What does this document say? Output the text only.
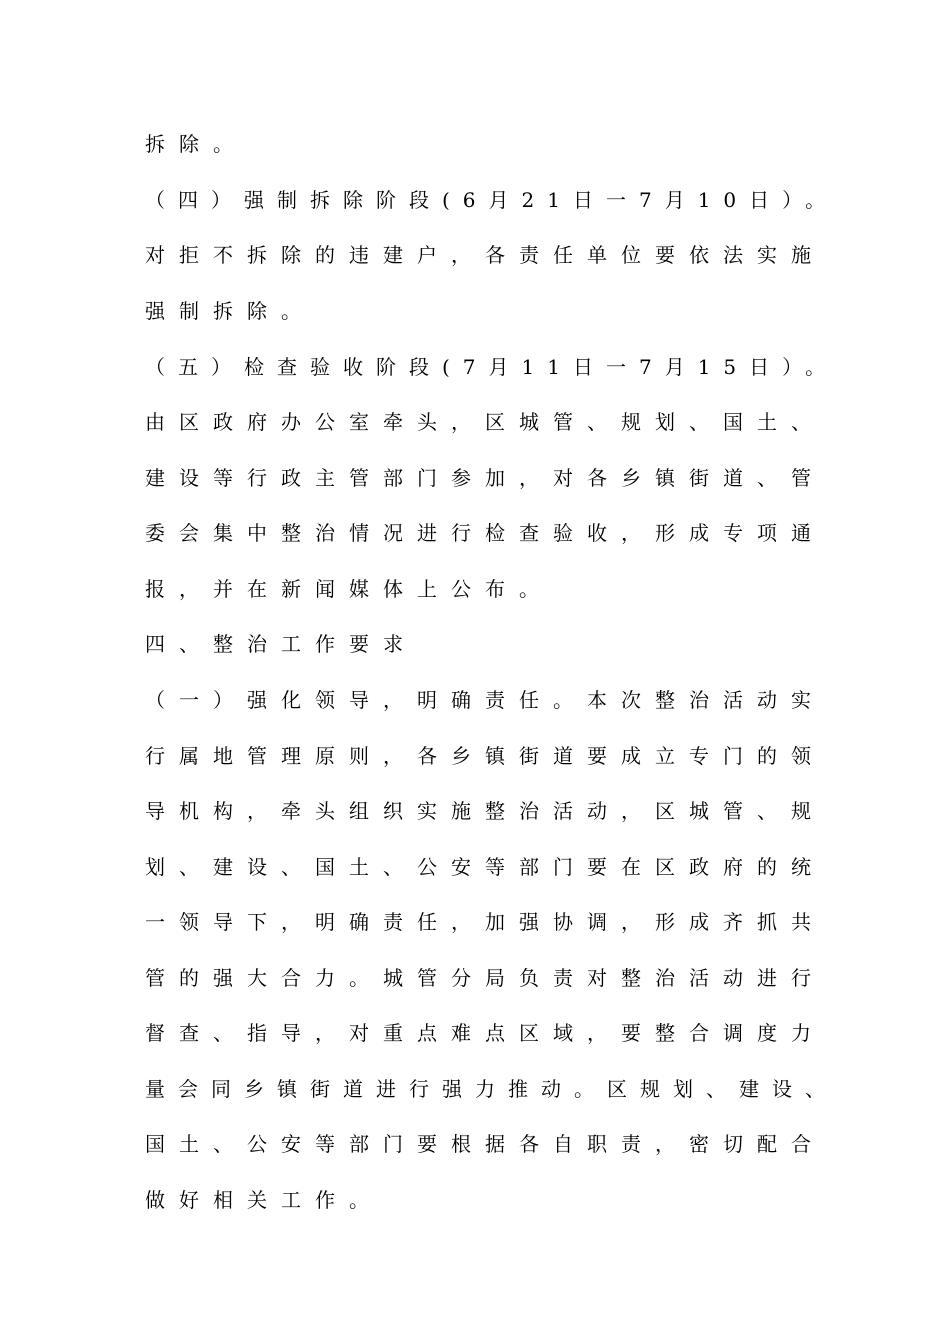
拆除。
（四）强制拆除阶段(6月21日一7月10日）。
对拒不拆除的违建户，各责任单位要依法实施
强制拆除。
（五）检查验收阶段(7月11日一7月15日）。
由区政府办公室牵头，区城管、规划、国土、
建设等行政主管部门参加，对各乡镇街道、管
委会集中整治情况进行检查验收，形成专项通
报，并在新闻媒体上公布。
四、整治工作要求
（一）强化领导，明确责任。本次整治活动实
行属地管理原则，各乡镇街道要成立专门的领
导机构，牵头组织实施整治活动，区城管、规
划、建设、国土、公安等部门要在区政府的统
一领导下，明确责任，加强协调，形成齐抓共
管的强大合力。城管分局负责对整治活动进行
督查、指导，对重点难点区域，要整合调度力
量会同乡镇街道进行强力推动。区规划、建设、
国土、公安等部门要根据各自职责，密切配合
做好相关工作。
